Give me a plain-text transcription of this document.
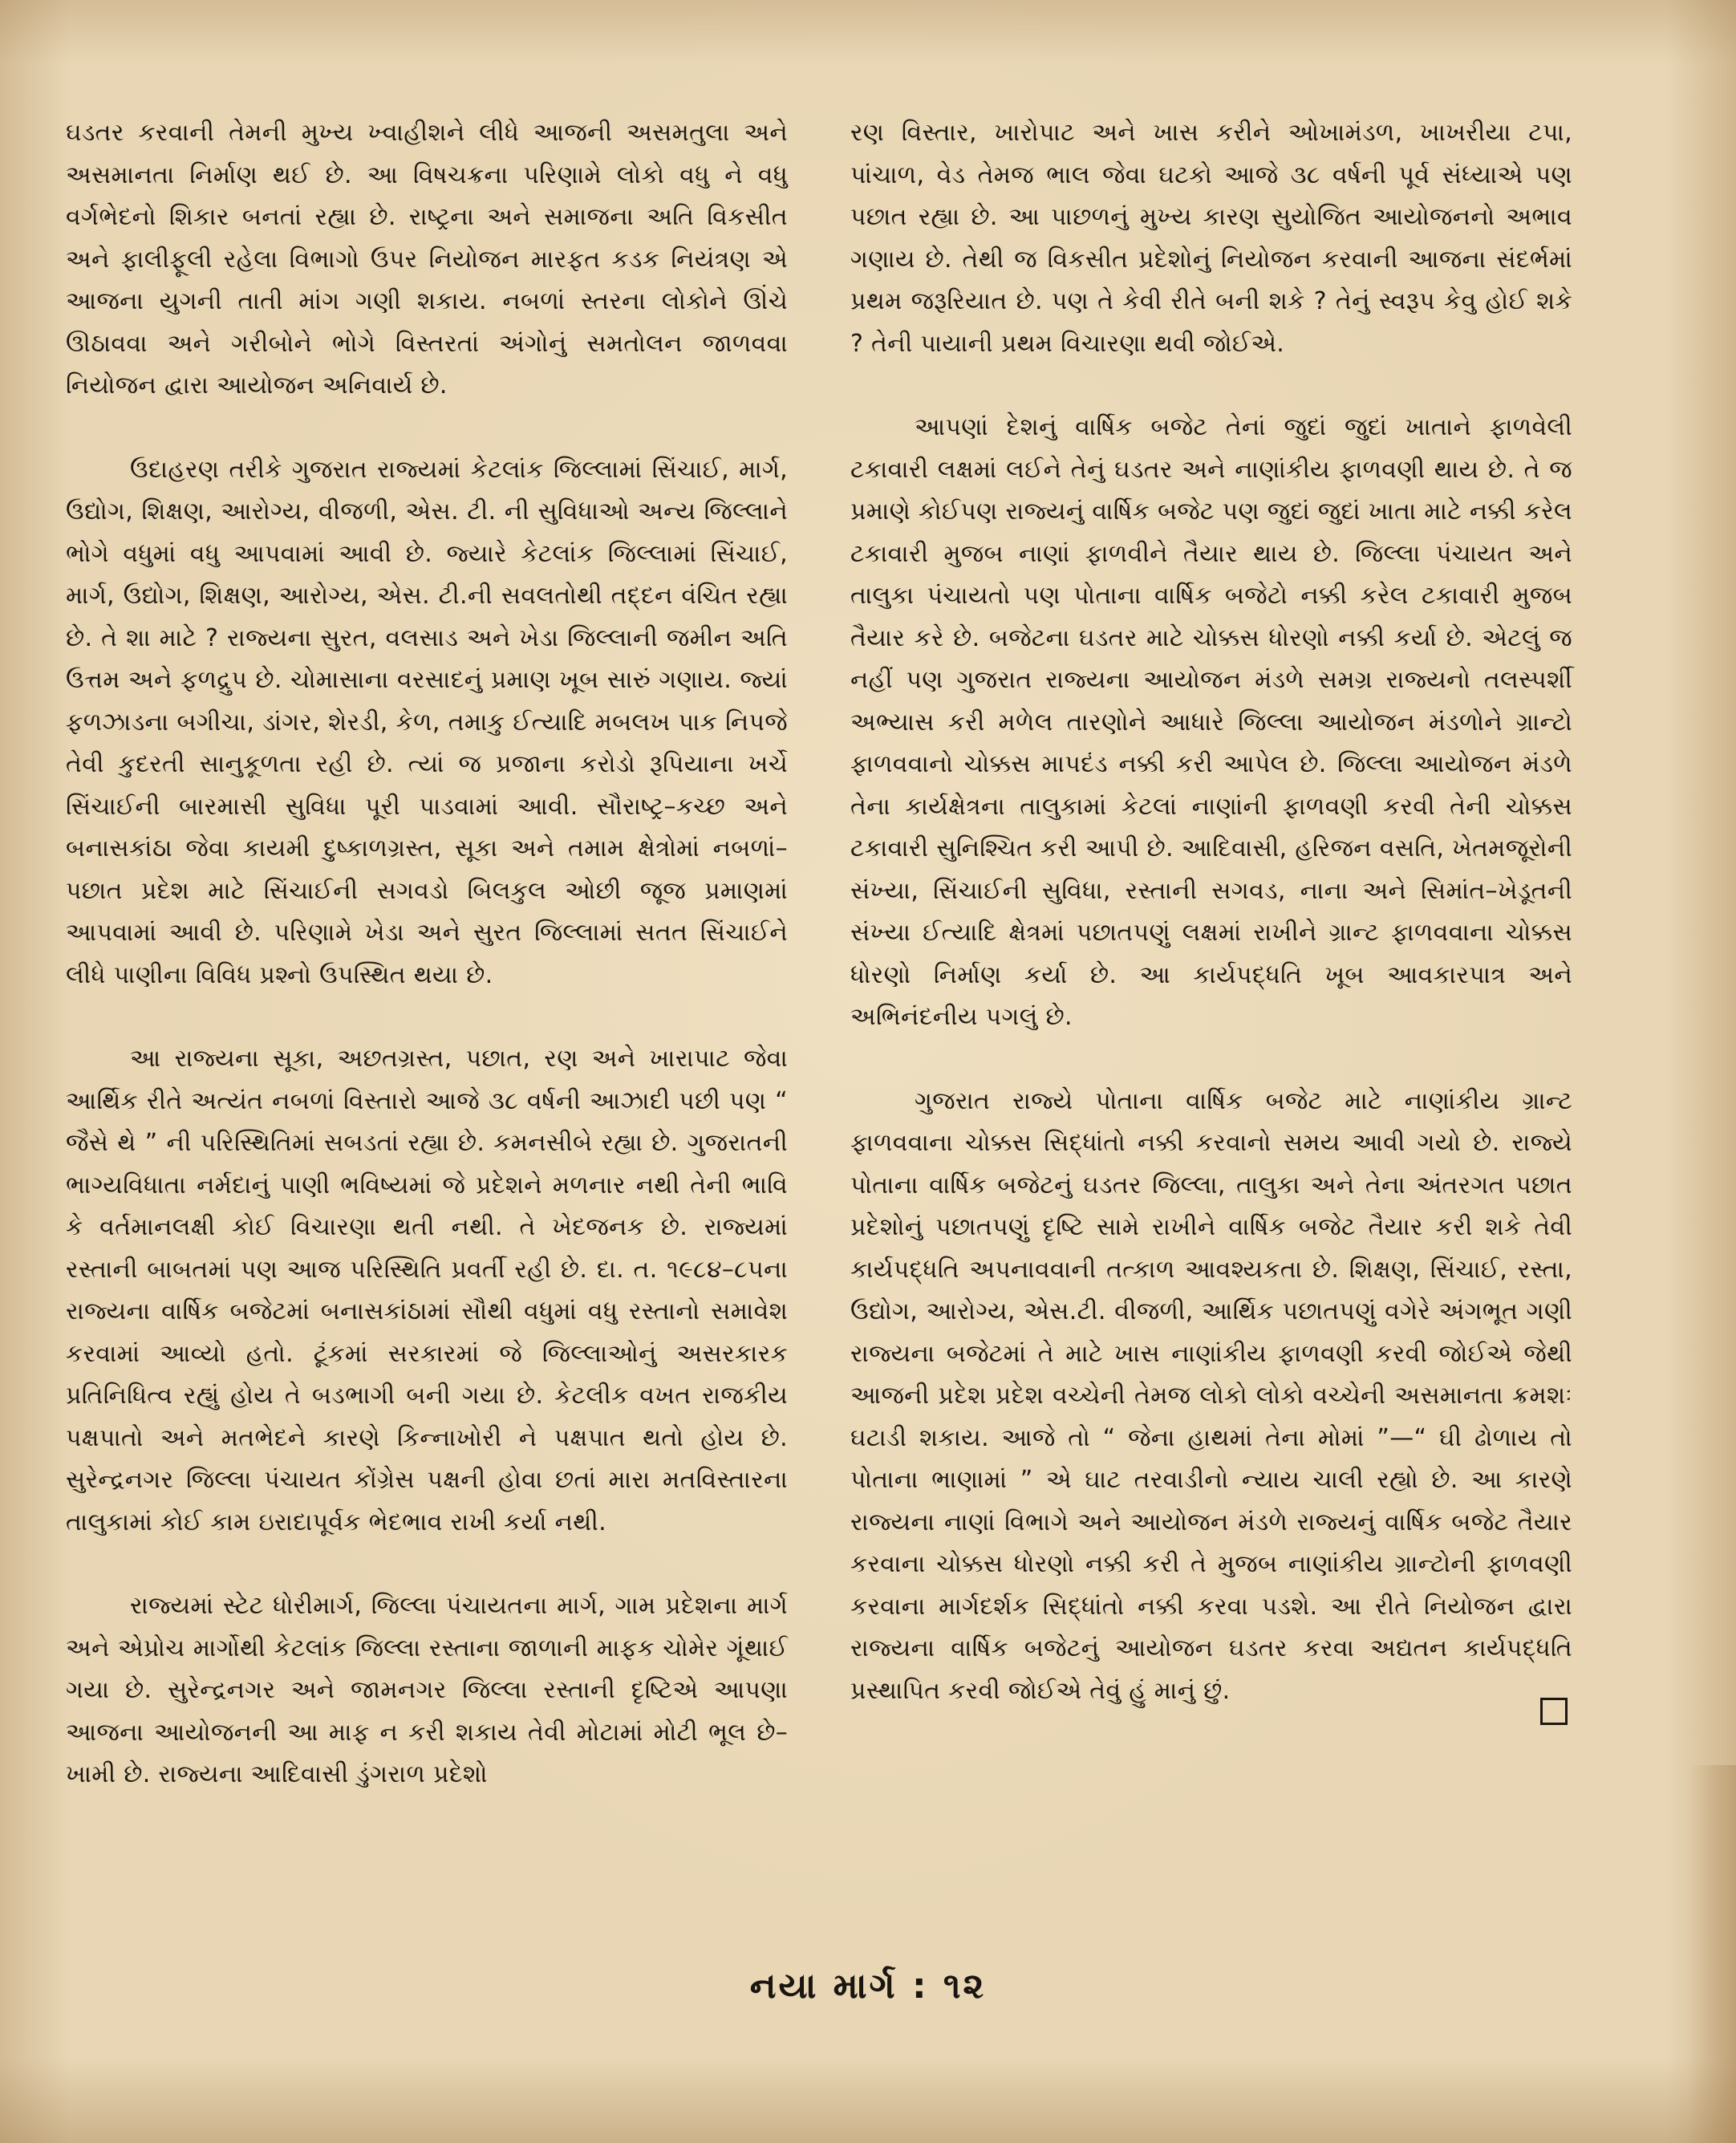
ઘડતર કરવાની તેમની મુખ્ય ખ્વાહીશને લીધે આજની અસમતુલા અને અસમાનતા નિર્માણ થઈ છે. આ વિષચક્રના પરિણામે લોકો વધુ ને વધુ વર્ગભેદનો શિકાર બનતાં રહ્યા છે. રાષ્ટ્રના અને સમાજના અતિ વિકસીત અને ફાલીફૂલી રહેલા વિભાગો ઉપર નિયોજન મારફત કડક નિયંત્રણ એ આજના યુગની તાતી માંગ ગણી શકાય. નબળાં સ્તરના લોકોને ઊંચે ઊઠાવવા અને ગરીબોને ભોગે વિસ્તરતાં અંગોનું સમતોલન જાળવવા નિયોજન દ્વારા આયોજન અનિવાર્ય છે.

ઉદાહરણ તરીકે ગુજરાત રાજ્યમાં કેટલાંક જિલ્લામાં સિંચાઈ, માર્ગ, ઉદ્યોગ, શિક્ષણ, આરોગ્ય, વીજળી, એસ. ટી. ની સુવિધાઓ અન્ય જિલ્લાને ભોગે વધુમાં વધુ આપવામાં આવી છે. જ્યારે કેટલાંક જિલ્લામાં સિંચાઈ, માર્ગ, ઉદ્યોગ, શિક્ષણ, આરોગ્ય, એસ. ટી.ની સવલતોથી તદ્દન વંચિત રહ્યા છે. તે શા માટે ? રાજ્યના સુરત, વલસાડ અને ખેડા જિલ્લાની જમીન અતિ ઉત્તમ અને ફળદ્રુપ છે. ચોમાસાના વરસાદનું પ્રમાણ ખૂબ સારું ગણાય. જ્યાં ફળઝાડના બગીચા, ડાંગર, શેરડી, કેળ, તમાકુ ઈત્યાદિ મબલખ પાક નિપજે તેવી કુદરતી સાનુકૂળતા રહી છે. ત્યાં જ પ્રજાના કરોડો રૂપિયાના ખર્ચે સિંચાઈની બારમાસી સુવિધા પૂરી પાડવામાં આવી. સૌરાષ્ટ્ર–કચ્છ અને બનાસકાંઠા જેવા કાયમી દુષ્કાળગ્રસ્ત, સૂકા અને તમામ ક્ષેત્રોમાં નબળાં–પછાત પ્રદેશ માટે સિંચાઈની સગવડો બિલકુલ ઓછી જૂજ પ્રમાણમાં આપવામાં આવી છે. પરિણામે ખેડા અને સુરત જિલ્લામાં સતત સિંચાઈને લીધે પાણીના વિવિધ પ્રશ્નો ઉપસ્થિત થયા છે.

આ રાજ્યના સૂકા, અછતગ્રસ્ત, પછાત, રણ અને ખારાપાટ જેવા આર્થિક રીતે અત્યંત નબળાં વિસ્તારો આજે ૩૮ વર્ષની આઝાદી પછી પણ “ જૈસે થે ” ની પરિસ્થિતિમાં સબડતાં રહ્યા છે. કમનસીબે રહ્યા છે. ગુજરાતની ભાગ્યવિધાતા નર્મદાનું પાણી ભવિષ્યમાં જે પ્રદેશને મળનાર નથી તેની ભાવિ કે વર્તમાનલક્ષી કોઈ વિચારણા થતી નથી. તે ખેદજનક છે. રાજ્યમાં રસ્તાની બાબતમાં પણ આજ પરિસ્થિતિ પ્રવર્તી રહી છે. દા. ત. ૧૯૮૪–૮૫ના રાજ્યના વાર્ષિક બજેટમાં બનાસકાંઠામાં સૌથી વધુમાં વધુ રસ્તાનો સમાવેશ કરવામાં આવ્યો હતો. ટૂંકમાં સરકારમાં જે જિલ્લાઓનું અસરકારક પ્રતિનિધિત્વ રહ્યું હોય તે બડભાગી બની ગયા છે. કેટલીક વખત રાજકીય પક્ષપાતો અને મતભેદને કારણે કિન્નાખોરી ને પક્ષપાત થતો હોય છે. સુરેન્દ્રનગર જિલ્લા પંચાયત કોંગ્રેસ પક્ષની હોવા છતાં મારા મતવિસ્તારના તાલુકામાં કોઈ કામ ઇરાદાપૂર્વક ભેદભાવ રાખી કર્યા નથી.

રાજ્યમાં સ્ટેટ ધોરીમાર્ગ, જિલ્લા પંચાયતના માર્ગ, ગામ પ્રદેશના માર્ગ અને એપ્રોચ માર્ગોથી કેટલાંક જિલ્લા રસ્તાના જાળાની માફક ચોમેર ગૂંથાઈ ગયા છે. સુરેન્દ્રનગર અને જામનગર જિલ્લા રસ્તાની દૃષ્ટિએ આપણા આજના આયોજનની આ માફ ન કરી શકાય તેવી મોટામાં મોટી ભૂલ છે–ખામી છે. રાજ્યના આદિવાસી ડુંગરાળ પ્રદેશો

રણ વિસ્તાર, ખારોપાટ અને ખાસ કરીને ઓખામંડળ, ખાખરીયા ટપા, પાંચાળ, વેડ તેમજ ભાલ જેવા ઘટકો આજે ૩૮ વર્ષની પૂર્વ સંધ્યાએ પણ પછાત રહ્યા છે. આ પાછળનું મુખ્ય કારણ સુયોજિત આયોજનનો અભાવ ગણાય છે. તેથી જ વિકસીત પ્રદેશોનું નિયોજન કરવાની આજના સંદર્ભમાં પ્રથમ જરૂરિયાત છે. પણ તે કેવી રીતે બની શકે ? તેનું સ્વરૂપ કેવુ હોઈ શકે ? તેની પાયાની પ્રથમ વિચારણા થવી જોઈએ.

આપણાં દેશનું વાર્ષિક બજેટ તેનાં જુદાં જુદાં ખાતાને ફાળવેલી ટકાવારી લક્ષમાં લઈને તેનું ઘડતર અને નાણાંકીય ફાળવણી થાય છે. તે જ પ્રમાણે કોઈપણ રાજ્યનું વાર્ષિક બજેટ પણ જુદાં જુદાં ખાતા માટે નક્કી કરેલ ટકાવારી મુજબ નાણાં ફાળવીને તૈયાર થાય છે. જિલ્લા પંચાયત અને તાલુકા પંચાયતો પણ પોતાના વાર્ષિક બજેટો નક્કી કરેલ ટકાવારી મુજબ તૈયાર કરે છે. બજેટના ઘડતર માટે ચોક્કસ ધોરણો નક્કી કર્યા છે. એટલું જ નહીં પણ ગુજરાત રાજ્યના આયોજન મંડળે સમગ્ર રાજ્યનો તલસ્પર્શી અભ્યાસ કરી મળેલ તારણોને આધારે જિલ્લા આયોજન મંડળોને ગ્રાન્ટો ફાળવવાનો ચોક્કસ માપદંડ નક્કી કરી આપેલ છે. જિલ્લા આયોજન મંડળે તેના કાર્યક્ષેત્રના તાલુકામાં કેટલાં નાણાંની ફાળવણી કરવી તેની ચોક્કસ ટકાવારી સુનિશ્ચિત કરી આપી છે. આદિવાસી, હરિજન વસતિ, ખેતમજૂરોની સંખ્યા, સિંચાઈની સુવિધા, રસ્તાની સગવડ, નાના અને સિમાંત–ખેડૂતની સંખ્યા ઈત્યાદિ ક્ષેત્રમાં પછાતપણું લક્ષમાં રાખીને ગ્રાન્ટ ફાળવવાના ચોક્કસ ધોરણો નિર્માણ કર્યા છે. આ કાર્યપદ્ધતિ ખૂબ આવકારપાત્ર અને અભિનંદનીય પગલું છે.

ગુજરાત રાજ્યે પોતાના વાર્ષિક બજેટ માટે નાણાંકીય ગ્રાન્ટ ફાળવવાના ચોક્કસ સિદ્ધાંતો નક્કી કરવાનો સમય આવી ગયો છે. રાજ્યે પોતાના વાર્ષિક બજેટનું ઘડતર જિલ્લા, તાલુકા અને તેના અંતરગત પછાત પ્રદેશોનું પછાતપણું દૃષ્ટિ સામે રાખીને વાર્ષિક બજેટ તૈયાર કરી શકે તેવી કાર્યપદ્ધતિ અપનાવવાની તત્કાળ આવશ્યકતા છે. શિક્ષણ, સિંચાઈ, રસ્તા, ઉદ્યોગ, આરોગ્ય, એસ.ટી. વીજળી, આર્થિક પછાતપણું વગેરે અંગભૂત ગણી રાજ્યના બજેટમાં તે માટે ખાસ નાણાંકીય ફાળવણી કરવી જોઈએ જેથી આજની પ્રદેશ પ્રદેશ વચ્ચેની તેમજ લોકો લોકો વચ્ચેની અસમાનતા ક્રમશઃ ઘટાડી શકાય. આજે તો “ જેના હાથમાં તેના મોમાં ”—“ ઘી ઢોળાય તો પોતાના ભાણામાં ” એ ઘાટ તરવાડીનો ન્યાય ચાલી રહ્યો છે. આ કારણે રાજ્યના નાણાં વિભાગે અને આયોજન મંડળે રાજ્યનું વાર્ષિક બજેટ તૈયાર કરવાના ચોક્કસ ધોરણો નક્કી કરી તે મુજબ નાણાંકીય ગ્રાન્ટોની ફાળવણી કરવાના માર્ગદર્શક સિદ્ધાંતો નક્કી કરવા પડશે. આ રીતે નિયોજન દ્વારા રાજ્યના વાર્ષિક બજેટનું આયોજન ઘડતર કરવા અદ્યતન કાર્યપદ્ધતિ પ્રસ્થાપિત કરવી જોઈએ તેવું હું માનું છું.

નયા માર્ગ : ૧૨
